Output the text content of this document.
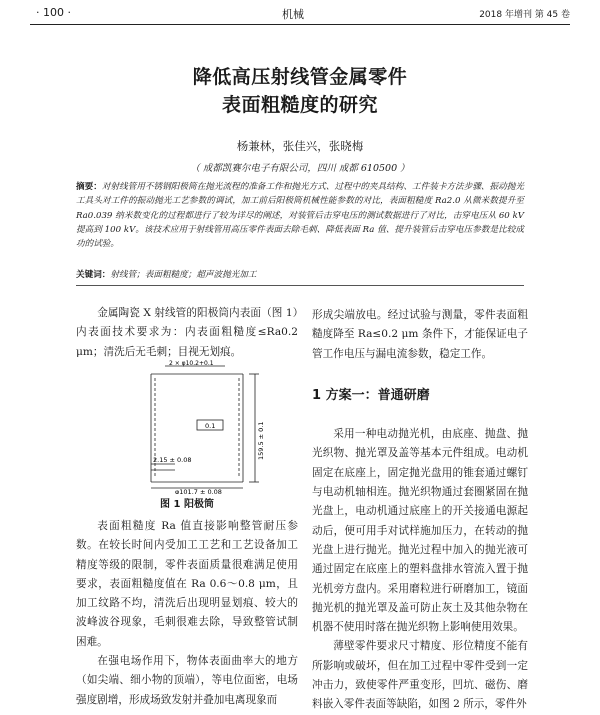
· 100 ·	机械	2018 年增刊 第 45 卷
降低高压射线管金属零件
表面粗糙度的研究
杨兼林，张佳兴，张晓梅
（ 成都凯赛尔电子有限公司，四川 成都 610500 ）
摘要：对射线管用不锈钢阳极筒在抛光流程的准备工作和抛光方式、过程中的夹具结构、工件装卡方法步骤、振动抛光工具头对工件的振动抛光工艺参数的调试，加工前后阳极筒机械性能参数的对比，表面粗糙度 Ra2.0 从微米数提升至 Ra0.039 纳米数变化的过程都进行了较为详尽的阐述，对装管后击穿电压的测试数据进行了对比，击穿电压从 60 kV 提高到 100 kV。该技术应用于射线管用高压零件表面去除毛刺、降低表面 Ra 值、提升装管后击穿电压参数是比较成功的试验。
关键词：射线管；表面粗糙度；超声波抛光加工

金属陶瓷 X 射线管的阳极筒内表面（图 1）内表面技术要求为：内表面粗糙度≤Ra0.2 μm；清洗后无毛刺；目视无划痕。

2 × φ10.2+0.1
2.15 ± 0.08
φ101.7 ± 0.08
0.1	159.5 ± 0.1
图 1 阳极筒

表面粗糙度 Ra 值直接影响整管耐压参数。在较长时间内受加工工艺和工艺设备加工精度等级的限制，零件表面质量很难满足使用要求，表面粗糙度值在 Ra 0.6～0.8 μm，且加工纹路不均，清洗后出现明显划痕、较大的波峰波谷现象，毛刺很难去除，导致整管试制困难。

在强电场作用下，物体表面曲率大的地方（如尖端、细小物的顶端），等电位面密，电场强度剧增，形成场致发射并叠加电离现象而

形成尖端放电。经过试验与测量，零件表面粗糙度降至 Ra≤0.2 μm 条件下，才能保证电子管工作电压与漏电流参数，稳定工作。

1 方案一：普通研磨

采用一种电动抛光机，由底座、抛盘、抛光织物、抛光罩及盖等基本元件组成。电动机固定在底座上，固定抛光盘用的锥套通过螺钉与电动机轴相连。抛光织物通过套圈紧固在抛光盘上，电动机通过底座上的开关接通电源起动后，便可用手对试样施加压力，在转动的抛光盘上进行抛光。抛光过程中加入的抛光液可通过固定在底座上的塑料盘排水管流入置于抛光机旁方盘内。采用磨粒进行研磨加工，镜面抛光机的抛光罩及盖可防止灰土及其他杂物在机器不使用时落在抛光织物上影响使用效果。

薄壁零件要求尺寸精度、形位精度不能有所影响或破坏，但在加工过程中零件受到一定冲击力，致使零件严重变形，凹坑、磁伤、磨料嵌入零件表面等缺陷，如图 2 所示，零件外
